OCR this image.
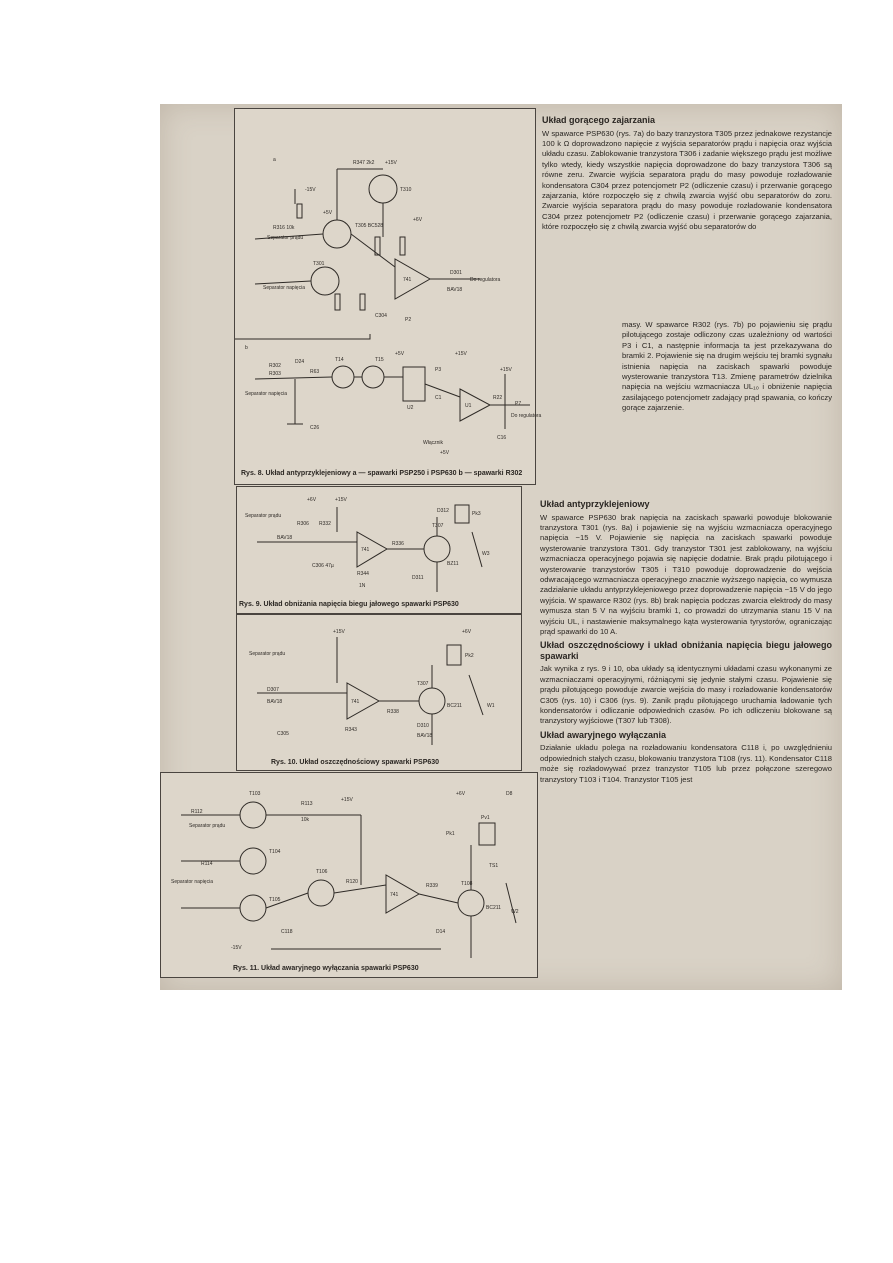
a	R347 2k2 +15V
T310
-15V
+5V
R316 10k	T305 BC528
Separator prądu
+6V
T301
Separator napięcia
741
D301
Do regulatora
BAV18
C304
P2
b
R302
R303
D24	T14	T15
+5V	+15V
R63
Separator napięcia
C26
U2
P3
C1
U1
R22
P7
Do regulatora
+15V
C16
+5V
Włącznik
Rys. 8. Układ antyprzyklejeniowy a — spawarki PSP250 i PSP630 b — spawarki R302
+6V	+15V
Separator prądu
BAV18
R306 R332
C306 47µ
R344
741
R336
T307
BZ11
D311
D312	Pk3
W3
1N
Rys. 9. Układ obniżania napięcia biegu jałowego spawarki PSP630
+15V	+6V
Separator prądu
BAV18
D307
R338
C305
741
R343
T307
BC211
D310
BAV18
Pk2
W1
Rys. 10. Układ oszczędnościowy spawarki PSP630
T103
T104
T105
R112
R114
Separator prądu
Separator napięcia
T106
R113
+15V
10k
C118
R120
741
R339	T108
BC211
D14
+6V	D8
Pk1
Pv1
TS1
W2
-15V
Rys. 11. Układ awaryjnego wyłączania spawarki PSP630
Układ gorącego zajarzania

W spawarce PSP630 (rys. 7a) do bazy tranzystora T305 przez jednakowe rezystancje 100 k Ω doprowadzono napięcie z wyjścia separatorów prądu i napięcia oraz wyjścia układu czasu. Zablokowanie tranzystora T306 i zadanie większego prądu jest możliwe tylko wtedy, kiedy wszystkie napięcia doprowadzone do bazy tranzystora T306 są równe zeru. Zwarcie wyjścia separatora prądu do masy powoduje rozładowanie kondensatora C304 przez potencjometr P2 (odliczenie czasu) i przerwanie gorącego zajarzania, które rozpoczęło się z chwilą zwarcia wyjść obu separatorów do zoru. Zwarcie wyjścia separatora prądu do masy powoduje rozładowanie kondensatora C304 przez potencjometr P2 (odliczenie czasu) i przerwanie gorącego zajarzania, które rozpoczęło się z chwilą zwarcia wyjść obu separatorów do

masy. W spawarce R302 (rys. 7b) po pojawieniu się prądu pilotującego zostaje odliczony czas uzależniony od wartości P3 i C1, a następnie informacja ta jest przekazywana do bramki 2. Pojawienie się na drugim wejściu tej bramki sygnału istnienia napięcia na zaciskach spawarki powoduje wysterowanie tranzystora T13. Zmienę parametrów dzielnika napięcia na wejściu wzmacniacza UL₁₀ i obniżenie napięcia zasilającego potencjometr zadający prąd spawania, co kończy gorące zajarzenie.

Układ antyprzyklejeniowy

W spawarce PSP630 brak napięcia na zaciskach spawarki powoduje blokowanie tranzystora T301 (rys. 8a) i pojawienie się na wyjściu wzmacniacza operacyjnego napięcia −15 V. Pojawienie się napięcia na zaciskach spawarki powoduje wysterowanie tranzystora T301. Gdy tranzystor T301 jest zablokowany, na wyjściu wzmacniacza operacyjnego pojawia się napięcie dodatnie. Brak prądu pilotującego i wysterowanie tranzystorów T305 i T310 powoduje doprowadzenie do wejścia odwracającego wzmacniacza operacyjnego znacznie wyższego napięcia, co wymusza zadziałanie układu antyprzyklejeniowego przez doprowadzenie napięcia −15 V do jego wyjścia. W spawarce R302 (rys. 8b) brak napięcia podczas zwarcia elektrody do masy wymusza stan 5 V na wyjściu bramki 1, co prowadzi do utrzymania stanu 15 V na wyjściu UL, i nastawienie maksymalnego kąta wysterowania tyrystorów, ograniczając prąd spawarki do 10 A.

Układ oszczędnościowy i układ obniżania napięcia biegu jałowego spawarki

Jak wynika z rys. 9 i 10, oba układy są identycznymi układami czasu wykonanymi ze wzmacniaczami operacyjnymi, różniącymi się jedynie stałymi czasu. Pojawienie się prądu pilotującego powoduje zwarcie wejścia do masy i rozładowanie kondensatorów C305 (rys. 10) i C306 (rys. 9). Zanik prądu pilotującego uruchamia ładowanie tych kondensatorów i odliczanie odpowiednich czasów. Po ich odliczeniu blokowane są tranzystory wyjściowe (T307 lub T308).

Układ awaryjnego wyłączania

Działanie układu polega na rozładowaniu kondensatora C118 i, po uwzględnieniu odpowiednich stałych czasu, blokowaniu tranzystora T108 (rys. 11). Kondensator C118 może się rozładowywać przez tranzystor T105 lub przez połączone szeregowo tranzystory T103 i T104. Tranzystor T105 jest
